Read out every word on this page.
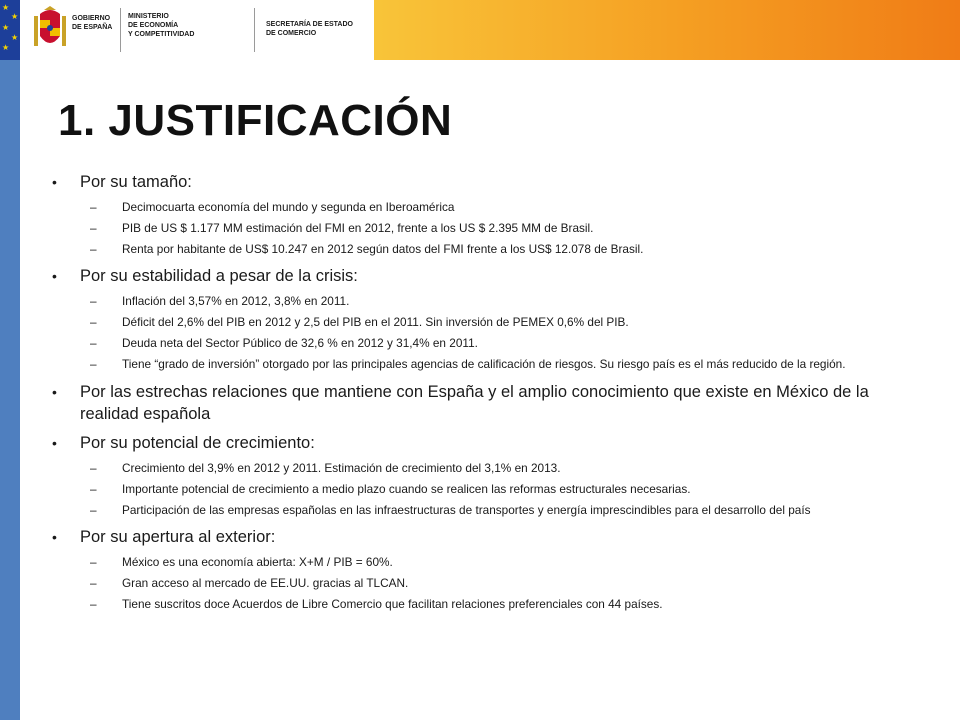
★
★
★
★
★
GOBIERNO
DE ESPAÑA
MINISTERIO
DE ECONOMÍA
Y COMPETITIVIDAD
SECRETARÍA DE ESTADO
DE COMERCIO
1. JUSTIFICACIÓN
• Por su tamaño:
– Decimocuarta economía del mundo y segunda en Iberoamérica
– PIB de US $ 1.177 MM estimación del FMI en 2012, frente a los US $ 2.395 MM de Brasil.
– Renta por habitante de US$ 10.247 en 2012 según datos del FMI frente a los US$ 12.078 de Brasil.
• Por su estabilidad a pesar de la crisis:
– Inflación del 3,57% en 2012, 3,8% en 2011.
– Déficit del 2,6% del PIB en 2012 y 2,5 del PIB en el 2011. Sin inversión de PEMEX 0,6% del PIB.
– Deuda neta del Sector Público de 32,6 % en 2012 y 31,4% en 2011.
– Tiene “grado de inversión” otorgado por las principales agencias de calificación de riesgos. Su riesgo país es el más reducido de la región.
• Por las estrechas relaciones que mantiene con España y el amplio conocimiento que existe en México de la realidad española
• Por su potencial de crecimiento:
– Crecimiento del 3,9% en 2012 y 2011. Estimación de crecimiento del 3,1% en 2013.
– Importante potencial de crecimiento a medio plazo cuando se realicen las reformas estructurales necesarias.
– Participación de las empresas españolas en las infraestructuras de transportes y energía imprescindibles para el desarrollo del país
• Por su apertura al exterior:
– México es una economía abierta: X+M / PIB = 60%.
– Gran acceso al mercado de EE.UU. gracias al TLCAN.
– Tiene suscritos doce Acuerdos de Libre Comercio que facilitan relaciones preferenciales con 44 países.
